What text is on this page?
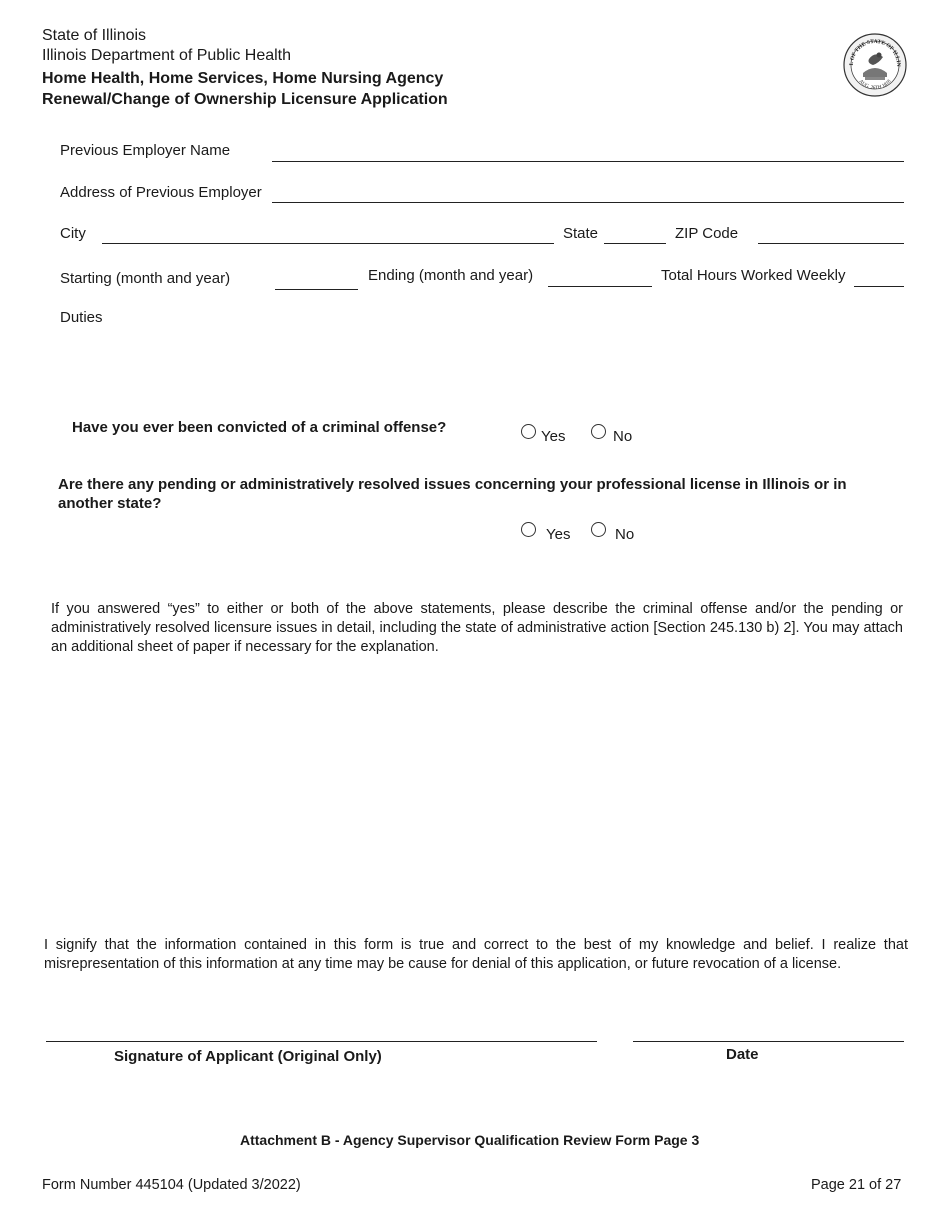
State of Illinois
Illinois Department of Public Health
Home Health, Home Services, Home Nursing Agency
Renewal/Change of Ownership Licensure Application
L OF THE STATE OF ILLIN
AUG. 26TH 1818
Previous Employer Name
Address of Previous Employer
City	State	ZIP Code
Starting (month and year)	Ending (month and year)	Total Hours Worked Weekly
Duties
Have you ever been convicted of a criminal offense?
Yes	No
Are there any pending or administratively resolved issues concerning your professional license in Illinois or in another state?
Yes	No
If you answered “yes” to either or both of the above statements, please describe the criminal offense and/or the pending or administratively resolved licensure issues in detail, including the state of administrative action [Section 245.130 b) 2]. You may attach an additional sheet of paper if necessary for the explanation.
I signify that the information contained in this form is true and correct to the best of my knowledge and belief. I realize that misrepresentation of this information at any time may be cause for denial of this application, or future revocation of a license.
Signature of Applicant (Original Only)	Date
Attachment B - Agency Supervisor Qualification Review Form Page 3
Form Number 445104 (Updated 3/2022)	Page 21 of 27
